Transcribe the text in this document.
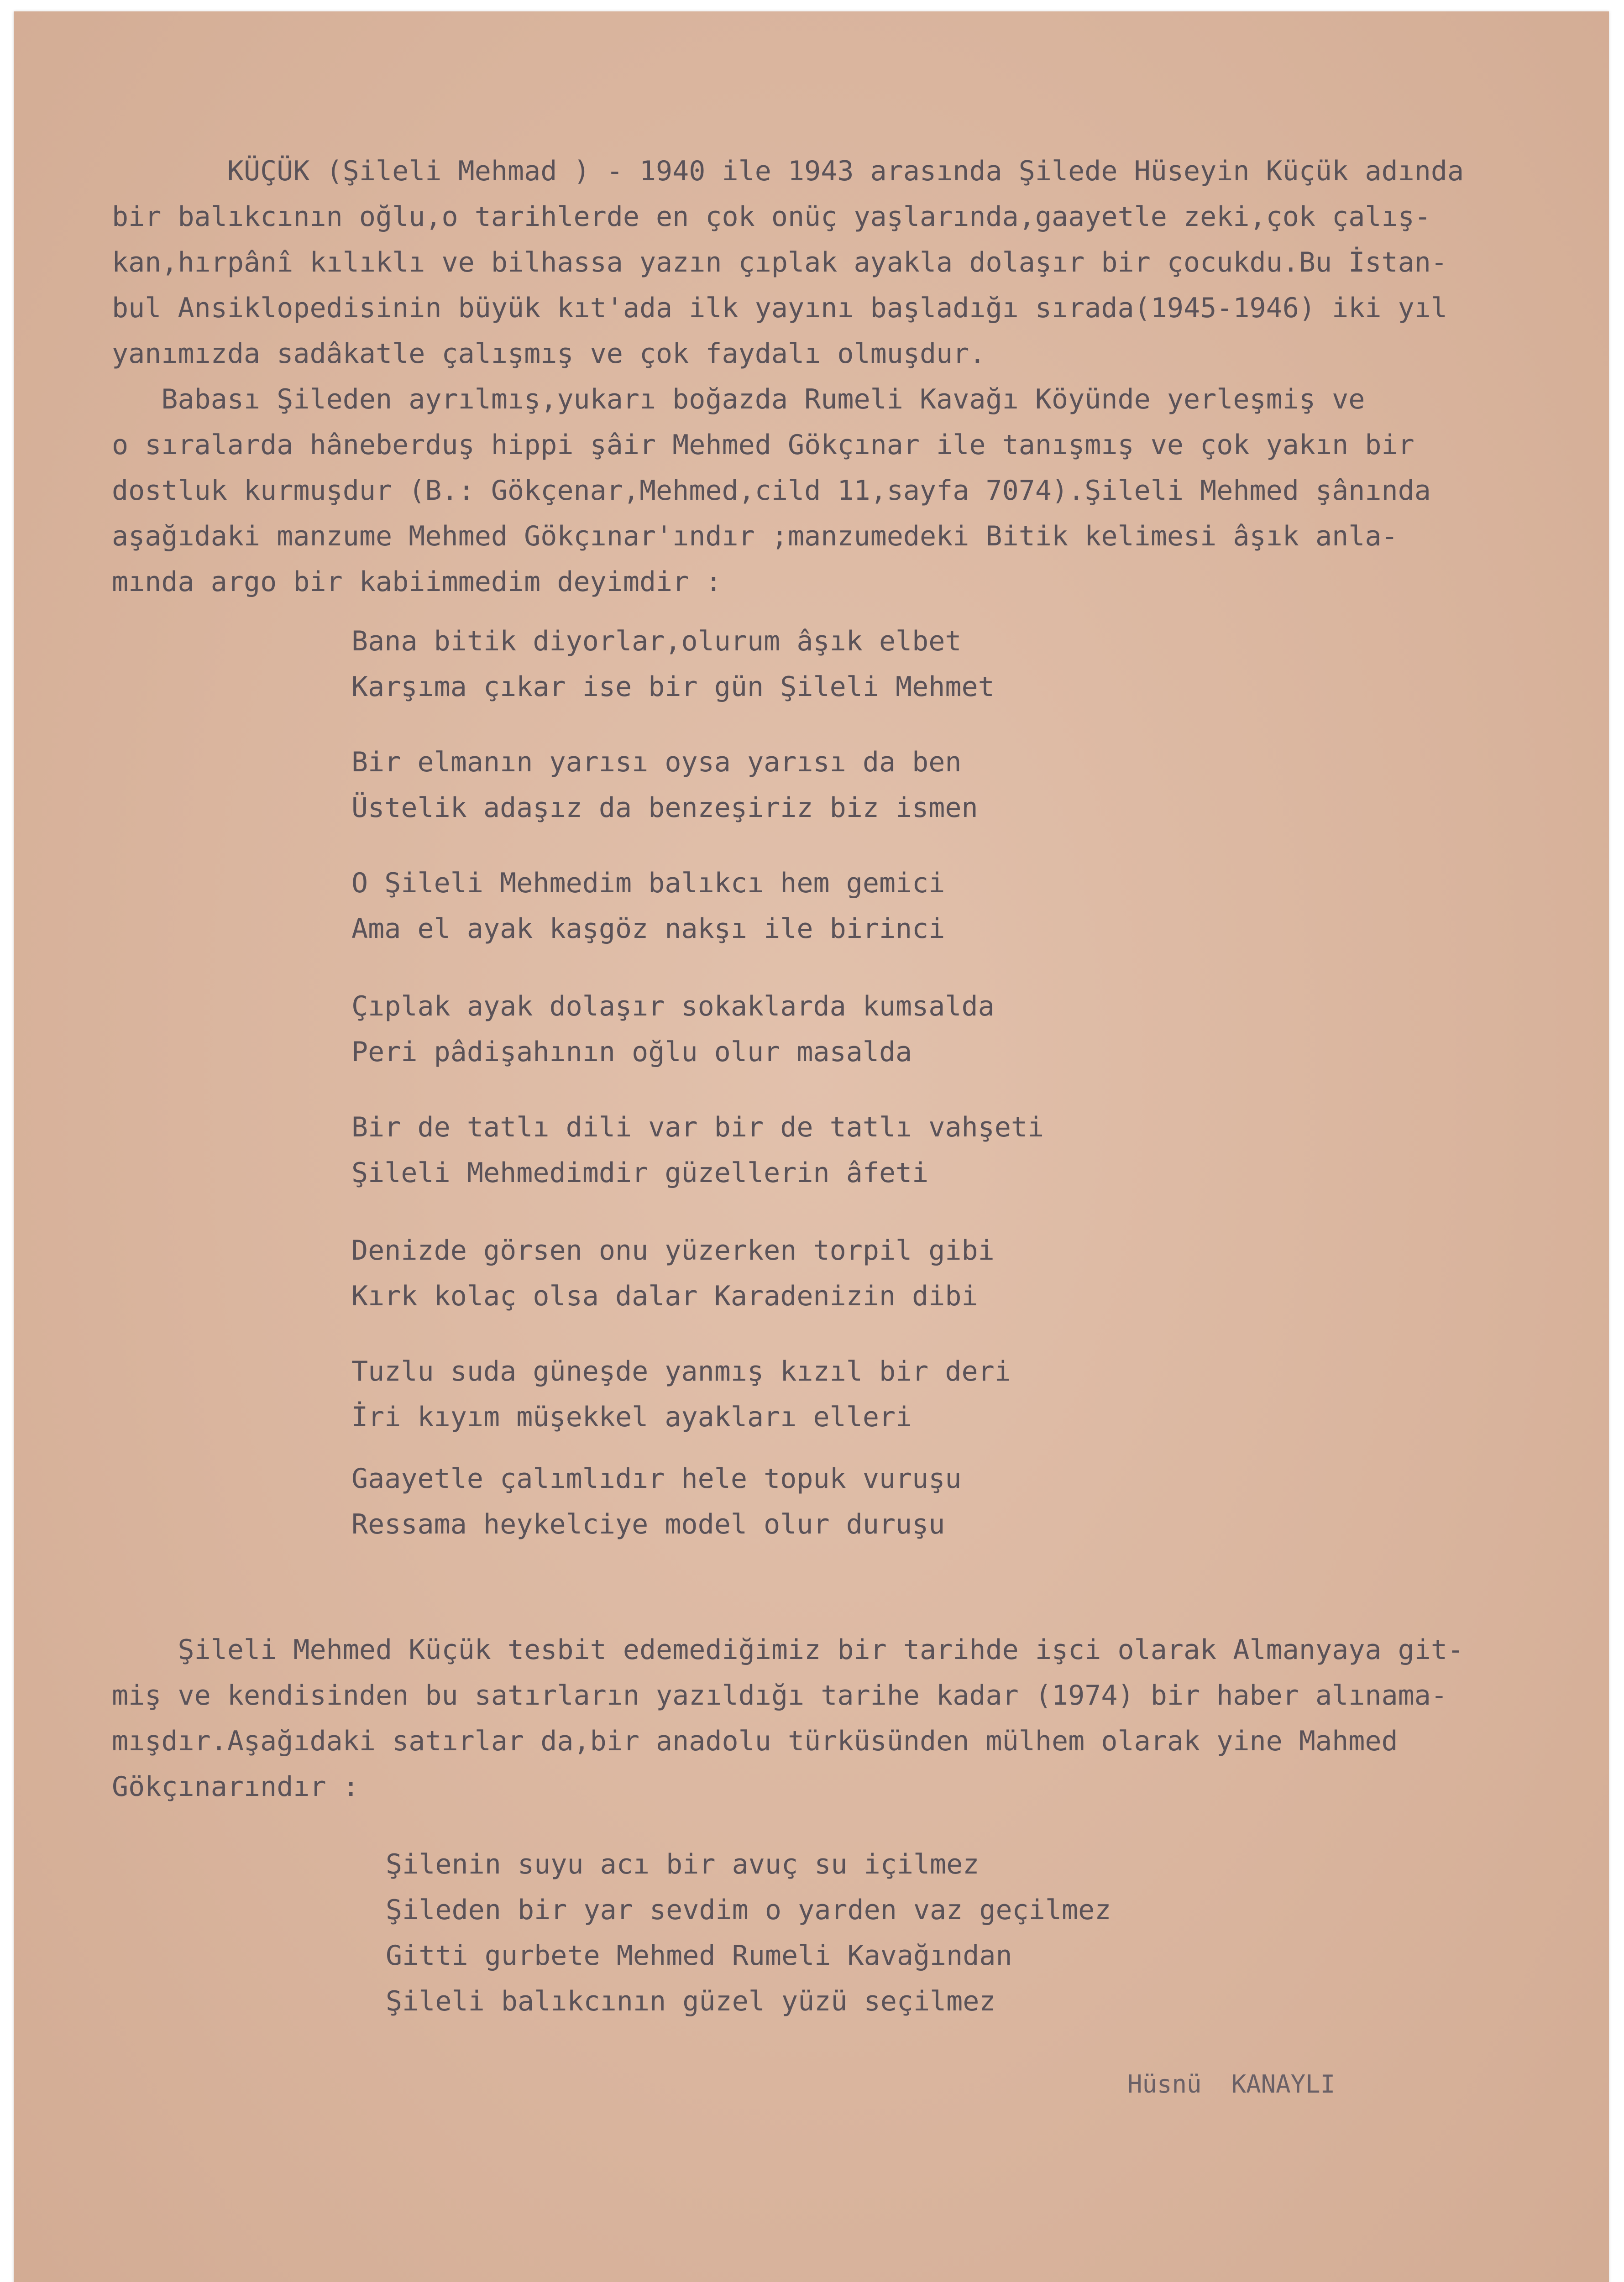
KÜÇÜK (Şileli Mehmad ) - 1940 ile 1943 arasında Şilede Hüseyin Küçük adında
bir balıkcının oğlu,o tarihlerde en çok onüç yaşlarında,gaayetle zeki,çok çalış-
kan,hırpânî kılıklı ve bilhassa yazın çıplak ayakla dolaşır bir çocukdu.Bu İstan-
bul Ansiklopedisinin büyük kıt'ada ilk yayını başladığı sırada(1945-1946) iki yıl
yanımızda sadâkatle çalışmış ve çok faydalı olmuşdur.
Babası Şileden ayrılmış,yukarı boğazda Rumeli Kavağı Köyünde yerleşmiş ve
o sıralarda hâneberduş hippi şâir Mehmed Gökçınar ile tanışmış ve çok yakın bir
dostluk kurmuşdur (B.: Gökçenar,Mehmed,cild 11,sayfa 7074).Şileli Mehmed şânında
aşağıdaki manzume Mehmed Gökçınar'ındır ;manzumedeki Bitik kelimesi âşık anla-
mında argo bir kabiimmedim deyimdir :
Bana bitik diyorlar,olurum âşık elbet
Karşıma çıkar ise bir gün Şileli Mehmet
Bir elmanın yarısı oysa yarısı da ben
Üstelik adaşız da benzeşiriz biz ismen
O Şileli Mehmedim balıkcı hem gemici
Ama el ayak kaşgöz nakşı ile birinci
Çıplak ayak dolaşır sokaklarda kumsalda
Peri pâdişahının oğlu olur masalda
Bir de tatlı dili var bir de tatlı vahşeti
Şileli Mehmedimdir güzellerin âfeti
Denizde görsen onu yüzerken torpil gibi
Kırk kolaç olsa dalar Karadenizin dibi
Tuzlu suda güneşde yanmış kızıl bir deri
İri kıyım müşekkel ayakları elleri
Gaayetle çalımlıdır hele topuk vuruşu
Ressama heykelciye model olur duruşu
Şileli Mehmed Küçük tesbit edemediğimiz bir tarihde işci olarak Almanyaya git-
miş ve kendisinden bu satırların yazıldığı tarihe kadar (1974) bir haber alınama-
mışdır.Aşağıdaki satırlar da,bir anadolu türküsünden mülhem olarak yine Mahmed
Gökçınarındır :
Şilenin suyu acı bir avuç su içilmez
Şileden bir yar sevdim o yarden vaz geçilmez
Gitti gurbete Mehmed Rumeli Kavağından
Şileli balıkcının güzel yüzü seçilmez
Hüsnü  KANAYLI
